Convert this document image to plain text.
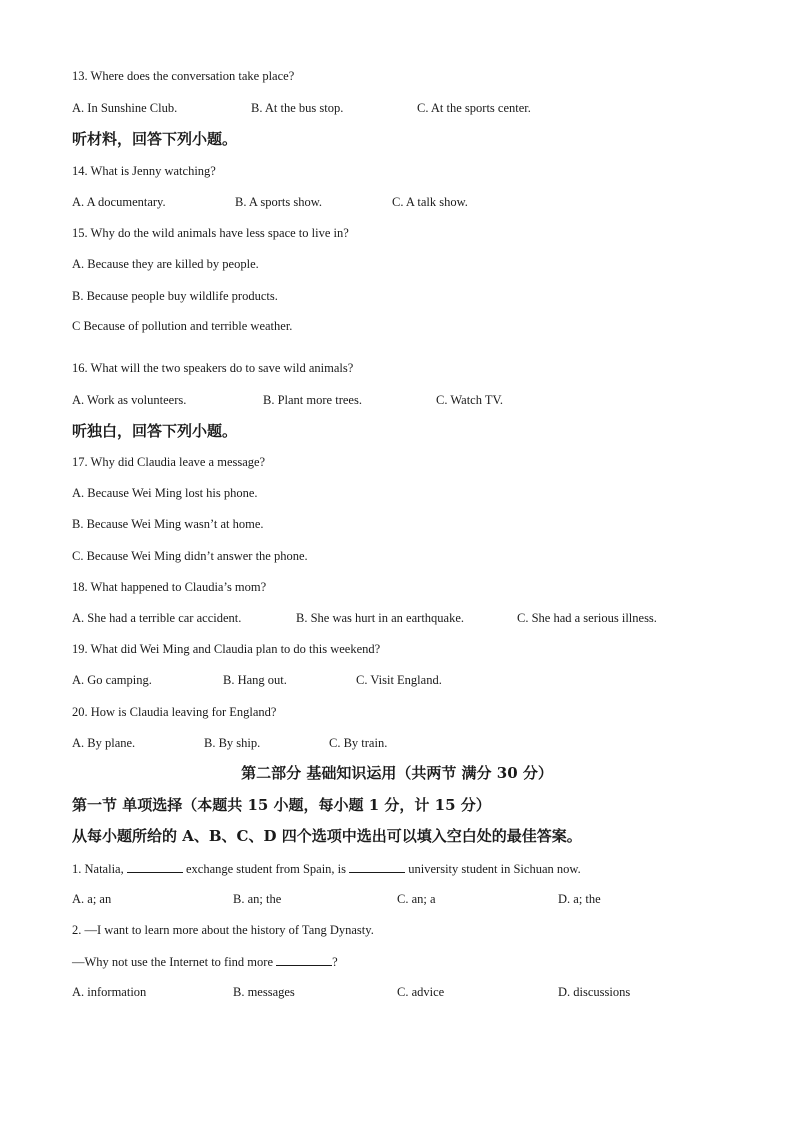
13. Where does the conversation take place?
A. In Sunshine Club.	B. At the bus stop.	C. At the sports center.
听材料，回答下列小题。
14. What is Jenny watching?
A. A documentary.	B. A sports show.	C. A talk show.
15. Why do the wild animals have less space to live in?
A. Because they are killed by people.
B. Because people buy wildlife products.
C Because of pollution and terrible weather.
16. What will the two speakers do to save wild animals?
A. Work as volunteers.	B. Plant more trees.	C. Watch TV.
听独白，回答下列小题。
17. Why did Claudia leave a message?
A. Because Wei Ming lost his phone.
B. Because Wei Ming wasn’t at home.
C. Because Wei Ming didn’t answer the phone.
18. What happened to Claudia’s mom?
A. She had a terrible car accident.	B. She was hurt in an earthquake.	C. She had a serious illness.
19. What did Wei Ming and Claudia plan to do this weekend?
A. Go camping.	B. Hang out.	C. Visit England.
20. How is Claudia leaving for England?
A. By plane.	B. By ship.	C. By train.
第二部分 基础知识运用（共两节 满分 30 分）
第一节 单项选择（本题共 15 小题，每小题 1 分，计 15 分）
从每小题所给的 A、B、C、D 四个选项中选出可以填入空白处的最佳答案。
1. Natalia,	exchange student from Spain, is	university student in Sichuan now.
A. a; an	B. an; the	C. an; a	D. a; the
2. —I want to learn more about the history of Tang Dynasty.
—Why not use the Internet to find more	?
A. information	B. messages	C. advice	D. discussions
